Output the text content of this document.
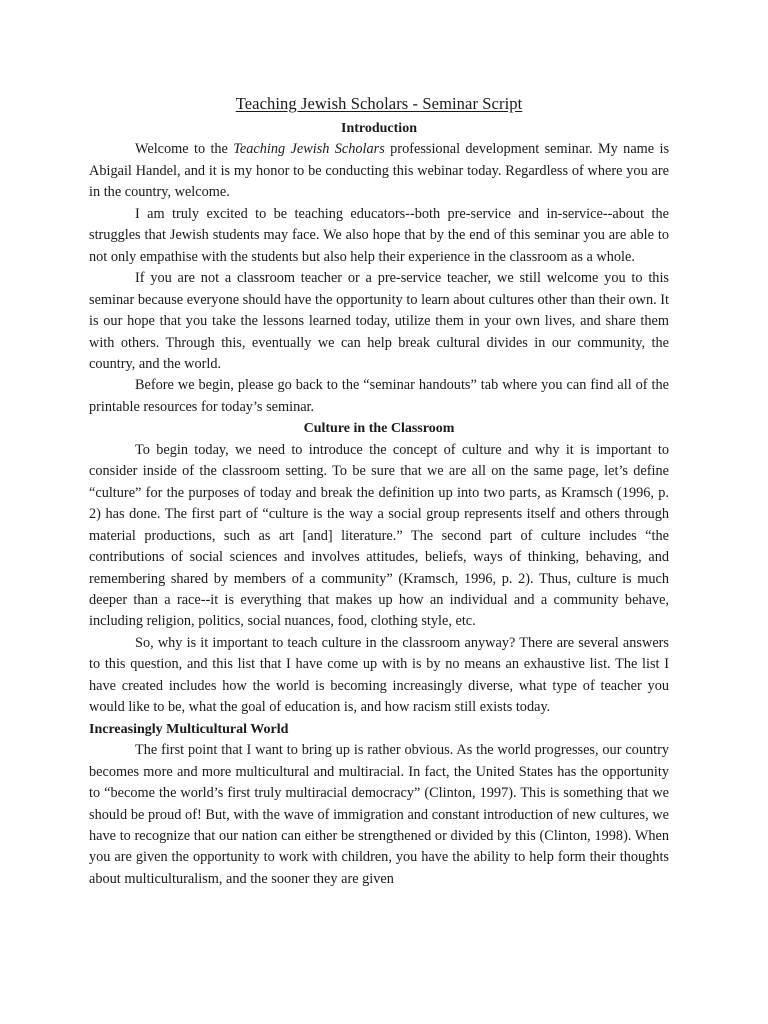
Teaching Jewish Scholars - Seminar Script
Introduction

Welcome to the Teaching Jewish Scholars professional development seminar. My name is Abigail Handel, and it is my honor to be conducting this webinar today. Regardless of where you are in the country, welcome.

I am truly excited to be teaching educators--both pre-service and in-service--about the struggles that Jewish students may face. We also hope that by the end of this seminar you are able to not only empathise with the students but also help their experience in the classroom as a whole.

If you are not a classroom teacher or a pre-service teacher, we still welcome you to this seminar because everyone should have the opportunity to learn about cultures other than their own. It is our hope that you take the lessons learned today, utilize them in your own lives, and share them with others. Through this, eventually we can help break cultural divides in our community, the country, and the world.

Before we begin, please go back to the “seminar handouts” tab where you can find all of the printable resources for today’s seminar.

Culture in the Classroom

To begin today, we need to introduce the concept of culture and why it is important to consider inside of the classroom setting. To be sure that we are all on the same page, let’s define “culture” for the purposes of today and break the definition up into two parts, as Kramsch (1996, p. 2) has done. The first part of “culture is the way a social group represents itself and others through material productions, such as art [and] literature.” The second part of culture includes “the contributions of social sciences and involves attitudes, beliefs, ways of thinking, behaving, and remembering shared by members of a community” (Kramsch, 1996, p. 2). Thus, culture is much deeper than a race--it is everything that makes up how an individual and a community behave, including religion, politics, social nuances, food, clothing style, etc.

So, why is it important to teach culture in the classroom anyway? There are several answers to this question, and this list that I have come up with is by no means an exhaustive list. The list I have created includes how the world is becoming increasingly diverse, what type of teacher you would like to be, what the goal of education is, and how racism still exists today.

Increasingly Multicultural World

The first point that I want to bring up is rather obvious. As the world progresses, our country becomes more and more multicultural and multiracial. In fact, the United States has the opportunity to “become the world’s first truly multiracial democracy” (Clinton, 1997). This is something that we should be proud of! But, with the wave of immigration and constant introduction of new cultures, we have to recognize that our nation can either be strengthened or divided by this (Clinton, 1998). When you are given the opportunity to work with children, you have the ability to help form their thoughts about multiculturalism, and the sooner they are given
